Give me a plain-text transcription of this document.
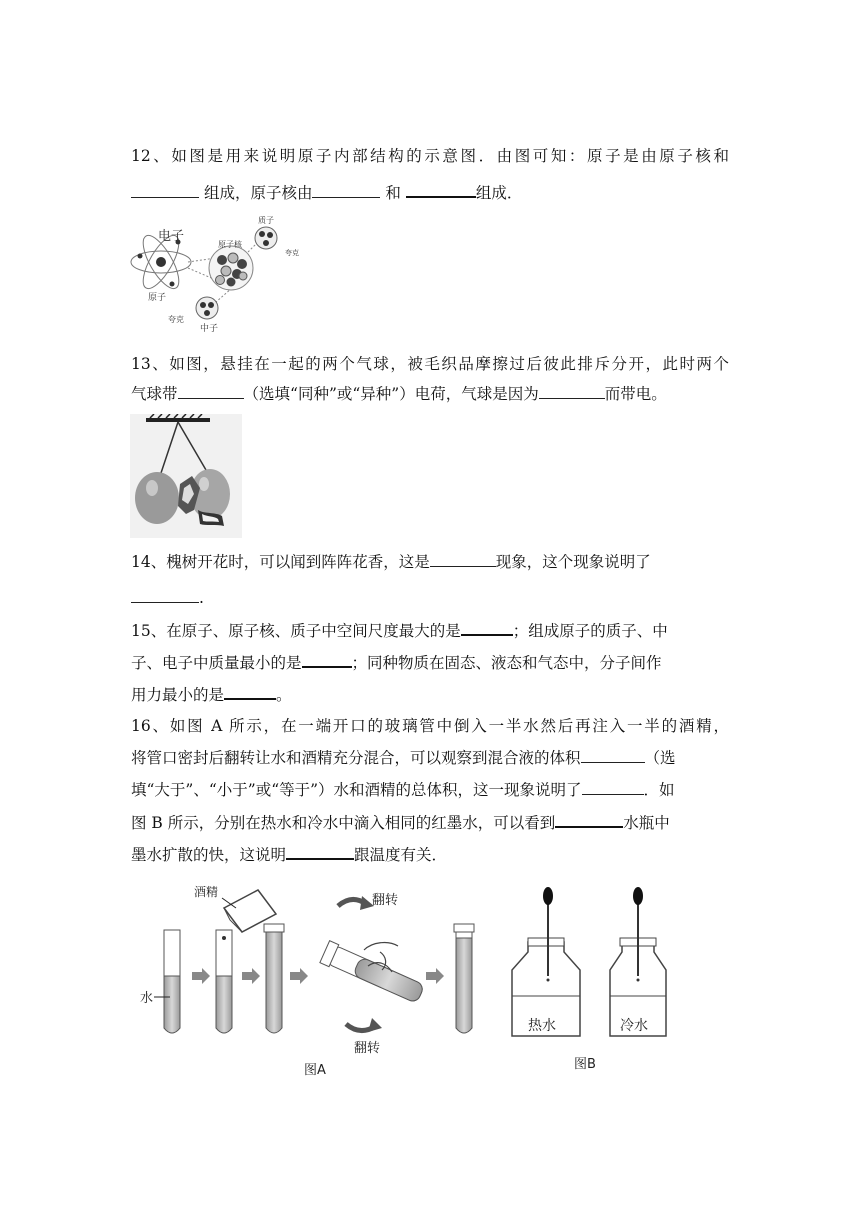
12、如图是用来说明原子内部结构的示意图．由图可知：原子是由原子核和
组成，原子核由	和	组成．
电子
质子
原子核
原子
夸克
夸克
中子
13、如图，悬挂在一起的两个气球，被毛织品摩擦过后彼此排斥分开，此时两个
气球带	（选填“同种”或“异种”）电荷，气球是因为	而带电。
14、槐树开花时，可以闻到阵阵花香，这是	现象，这个现象说明了
.
15、在原子、原子核、质子中空间尺度最大的是	；组成原子的质子、中
子、电子中质量最小的是	；同种物质在固态、液态和气态中，分子间作
用力最小的是	。
16、如图 A 所示，在一端开口的玻璃管中倒入一半水然后再注入一半的酒精，
将管口密封后翻转让水和酒精充分混合，可以观察到混合液的体积	（选
填“大于”、“小于”或“等于”）水和酒精的总体积，这一现象说明了	．如
图 B 所示，分别在热水和冷水中滴入相同的红墨水，可以看到	水瓶中
墨水扩散的快，这说明	跟温度有关．
水
酒精
翻转
翻转
图A
热水	冷水
图B
